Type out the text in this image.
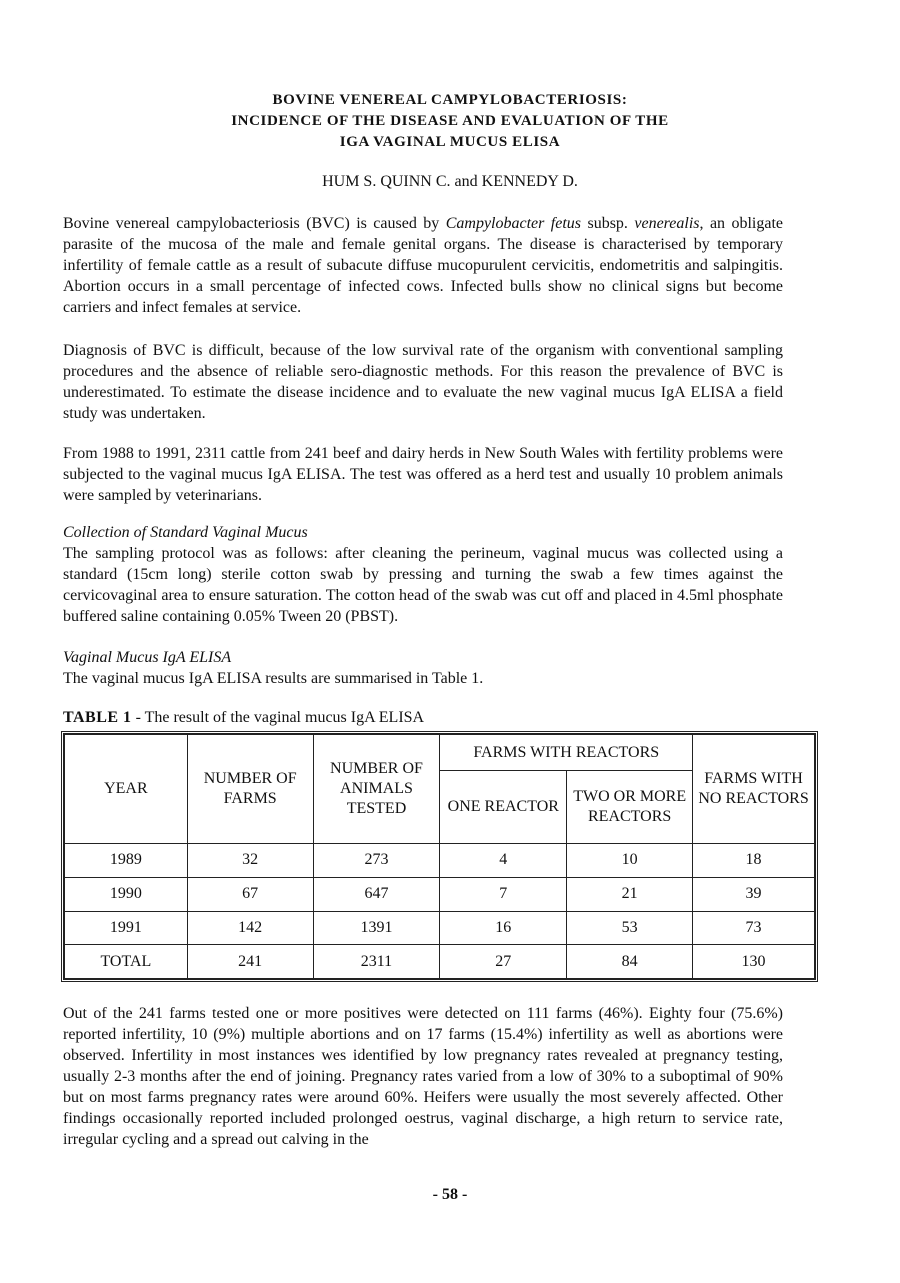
BOVINE VENEREAL CAMPYLOBACTERIOSIS:
INCIDENCE OF THE DISEASE AND EVALUATION OF THE
IGA VAGINAL MUCUS ELISA
HUM S. QUINN C. and KENNEDY D.

Bovine venereal campylobacteriosis (BVC) is caused by Campylobacter fetus subsp. venerealis, an obligate parasite of the mucosa of the male and female genital organs. The disease is characterised by temporary infertility of female cattle as a result of subacute diffuse mucopurulent cervicitis, endometritis and salpingitis. Abortion occurs in a small percentage of infected cows. Infected bulls show no clinical signs but become carriers and infect females at service.

Diagnosis of BVC is difficult, because of the low survival rate of the organism with conventional sampling procedures and the absence of reliable sero-diagnostic methods. For this reason the prevalence of BVC is underestimated. To estimate the disease incidence and to evaluate the new vaginal mucus IgA ELISA a field study was undertaken.

From 1988 to 1991, 2311 cattle from 241 beef and dairy herds in New South Wales with fertility problems were subjected to the vaginal mucus IgA ELISA. The test was offered as a herd test and usually 10 problem animals were sampled by veterinarians.

Collection of Standard Vaginal Mucus
The sampling protocol was as follows: after cleaning the perineum, vaginal mucus was collected using a standard (15cm long) sterile cotton swab by pressing and turning the swab a few times against the cervicovaginal area to ensure saturation. The cotton head of the swab was cut off and placed in 4.5ml phosphate buffered saline containing 0.05% Tween 20 (PBST).
Vaginal Mucus IgA ELISA
The vaginal mucus IgA ELISA results are summarised in Table 1.
TABLE 1 - The result of the vaginal mucus IgA ELISA
YEAR	NUMBER OF FARMS	NUMBER OF ANIMALS TESTED	FARMS WITH REACTORS		FARMS WITH NO REACTORS
			ONE REACTOR	TWO OR MORE REACTORS	
1989	32	273	4	10	18
1990	67	647	7	21	39
1991	142	1391	16	53	73
TOTAL	241	2311	27	84	130

Out of the 241 farms tested one or more positives were detected on 111 farms (46%). Eighty four (75.6%) reported infertility, 10 (9%) multiple abortions and on 17 farms (15.4%) infertility as well as abortions were observed. Infertility in most instances wes identified by low pregnancy rates revealed at pregnancy testing, usually 2-3 months after the end of joining. Pregnancy rates varied from a low of 30% to a suboptimal of 90% but on most farms pregnancy rates were around 60%. Heifers were usually the most severely affected. Other findings occasionally reported included prolonged oestrus, vaginal discharge, a high return to service rate, irregular cycling and a spread out calving in the

- 58 -
